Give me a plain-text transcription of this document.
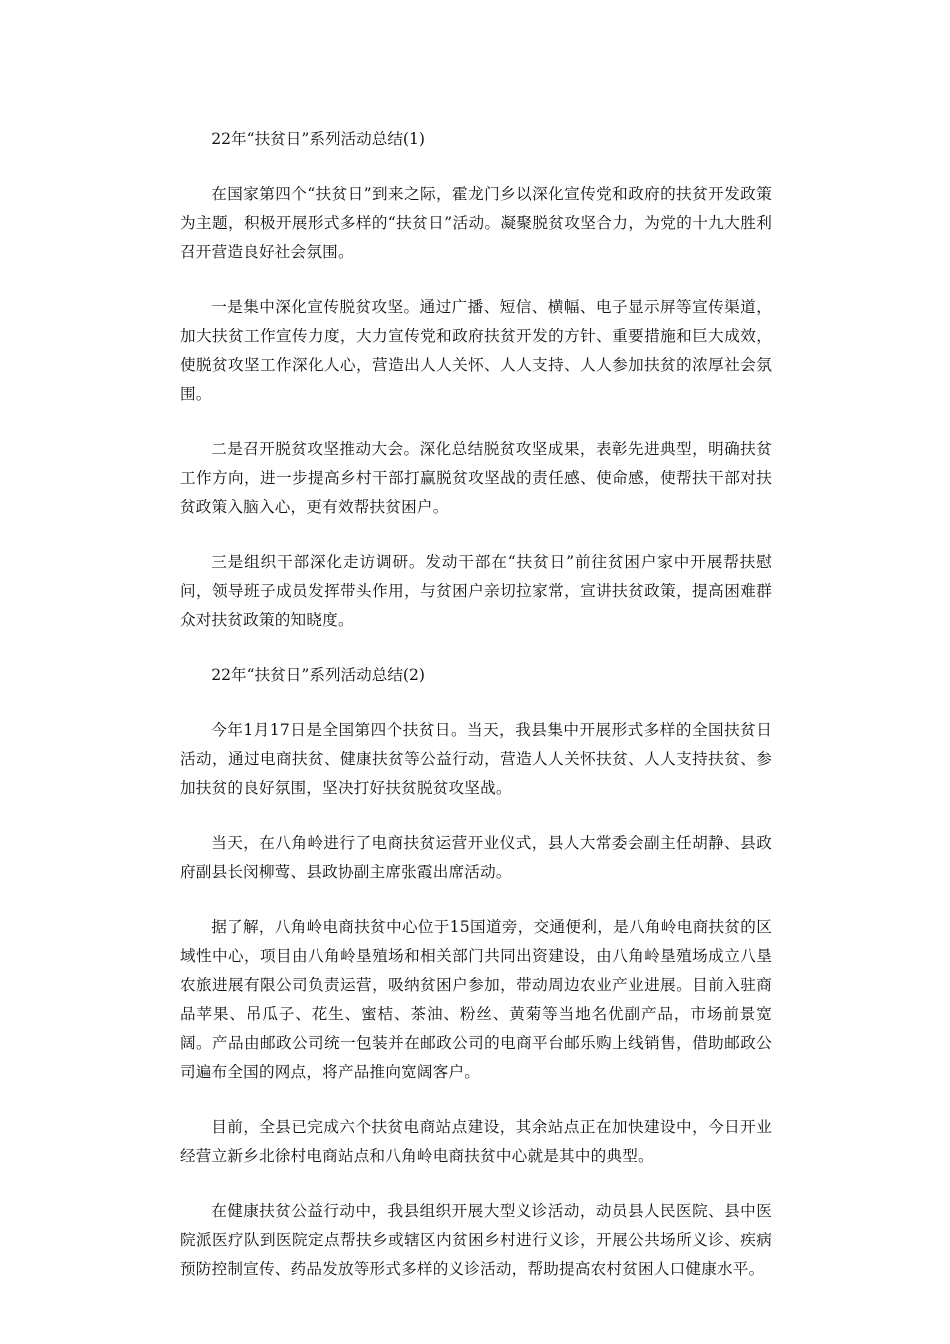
22年“扶贫日”系列活动总结(1)

在国家第四个“扶贫日”到来之际，霍龙门乡以深化宣传党和政府的扶贫开发政策为主题，积极开展形式多样的“扶贫日”活动。凝聚脱贫攻坚合力，为党的十九大胜利召开营造良好社会氛围。

一是集中深化宣传脱贫攻坚。通过广播、短信、横幅、电子显示屏等宣传渠道，加大扶贫工作宣传力度，大力宣传党和政府扶贫开发的方针、重要措施和巨大成效，使脱贫攻坚工作深化人心，营造出人人关怀、人人支持、人人参加扶贫的浓厚社会氛围。

二是召开脱贫攻坚推动大会。深化总结脱贫攻坚成果，表彰先进典型，明确扶贫工作方向，进一步提高乡村干部打赢脱贫攻坚战的责任感、使命感，使帮扶干部对扶贫政策入脑入心，更有效帮扶贫困户。

三是组织干部深化走访调研。发动干部在“扶贫日”前往贫困户家中开展帮扶慰问，领导班子成员发挥带头作用，与贫困户亲切拉家常，宣讲扶贫政策，提高困难群众对扶贫政策的知晓度。

22年“扶贫日”系列活动总结(2)

今年1月17日是全国第四个扶贫日。当天，我县集中开展形式多样的全国扶贫日活动，通过电商扶贫、健康扶贫等公益行动，营造人人关怀扶贫、人人支持扶贫、参加扶贫的良好氛围，坚决打好扶贫脱贫攻坚战。

当天，在八角岭进行了电商扶贫运营开业仪式，县人大常委会副主任胡静、县政府副县长闵柳莺、县政协副主席张霞出席活动。

据了解，八角岭电商扶贫中心位于15国道旁，交通便利，是八角岭电商扶贫的区域性中心，项目由八角岭垦殖场和相关部门共同出资建设，由八角岭垦殖场成立八垦农旅进展有限公司负责运营，吸纳贫困户参加，带动周边农业产业进展。目前入驻商品苹果、吊瓜子、花生、蜜桔、茶油、粉丝、黄菊等当地名优副产品，市场前景宽阔。产品由邮政公司统一包装并在邮政公司的电商平台邮乐购上线销售，借助邮政公司遍布全国的网点，将产品推向宽阔客户。

目前，全县已完成六个扶贫电商站点建设，其余站点正在加快建设中，今日开业经营立新乡北徐村电商站点和八角岭电商扶贫中心就是其中的典型。

在健康扶贫公益行动中，我县组织开展大型义诊活动，动员县人民医院、县中医院派医疗队到医院定点帮扶乡或辖区内贫困乡村进行义诊，开展公共场所义诊、疾病预防控制宣传、药品发放等形式多样的义诊活动，帮助提高农村贫困人口健康水平。
